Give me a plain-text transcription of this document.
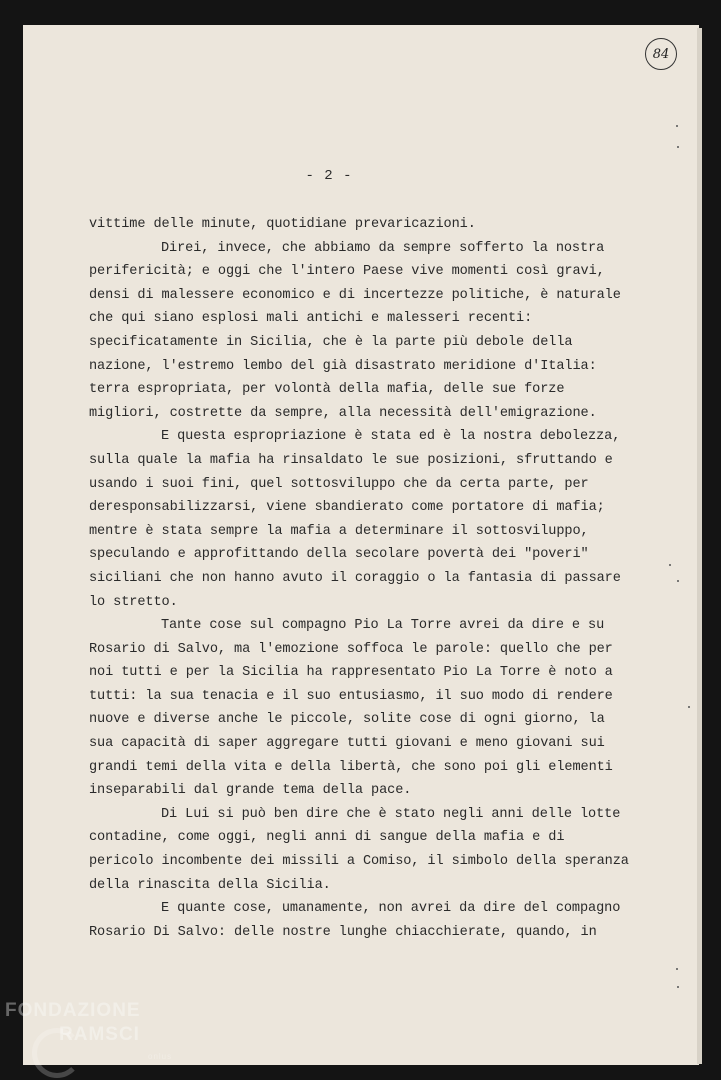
84
- 2 -

vittime delle minute, quotidiane prevaricazioni.

Direi, invece, che abbiamo da sempre sofferto la nostra perifericità; e oggi che l'intero Paese vive momenti così gravi, densi di malessere economico e di incertezze politiche, è naturale che qui siano esplosi mali antichi e malesseri recenti: specificatamente in Sicilia, che è la parte più debole della nazione, l'estremo lembo del già disastrato meridione d'Italia: terra espropriata, per volontà della mafia, delle sue forze migliori, costrette da sempre, alla necessità dell'emigrazione.

E questa espropriazione è stata ed è la nostra debolezza, sulla quale la mafia ha rinsaldato le sue posizioni, sfruttando e usando i suoi fini, quel sottosviluppo che da certa parte, per deresponsabilizzarsi, viene sbandierato come portatore di mafia; mentre è stata sempre la mafia a determinare il sottosviluppo, speculando e approfittando della secolare povertà dei "poveri" siciliani che non hanno avuto il coraggio o la fantasia di passare lo stretto.

Tante cose sul compagno Pio La Torre avrei da dire e su Rosario di Salvo, ma l'emozione soffoca le parole: quello che per noi tutti e per la Sicilia ha rappresentato Pio La Torre è noto a tutti: la sua tenacia e il suo entusiasmo, il suo modo di rendere nuove e diverse anche le piccole, solite cose di ogni giorno, la sua capacità di saper aggregare tutti giovani e meno giovani sui grandi temi della vita e della libertà, che sono poi gli elementi inseparabili dal grande tema della pace.

Di Lui si può ben dire che è stato negli anni delle lotte contadine, come oggi, negli anni di sangue della mafia e di pericolo incombente dei missili a Comiso, il simbolo della speranza della rinascita della Sicilia.

E quante cose, umanamente, non avrei da dire del compagno Rosario Di Salvo: delle nostre lunghe chiacchierate, quando, in

FONDAZIONE
RAMSCI
onlus
